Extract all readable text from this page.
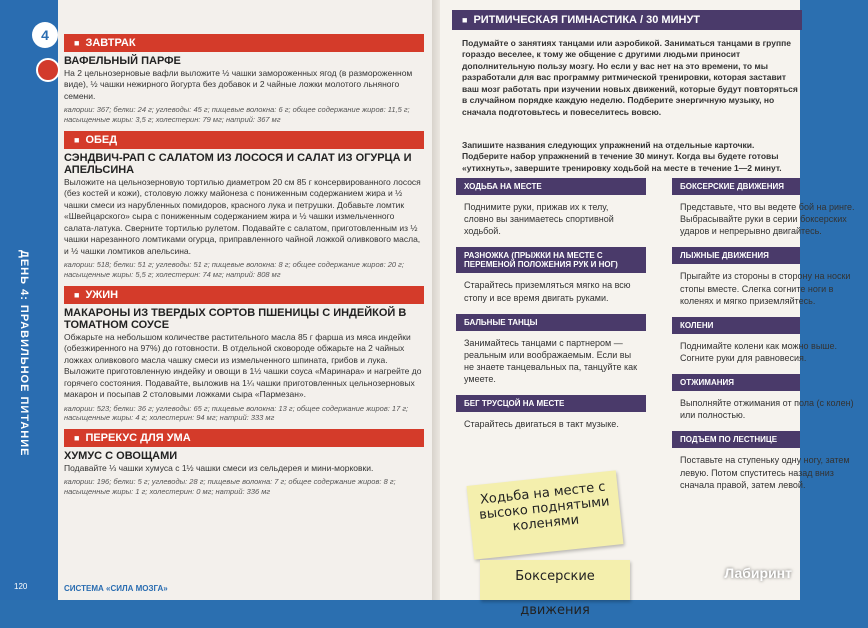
4
ДЕНЬ 4: ПРАВИЛЬНОЕ ПИТАНИЕ
■ ЗАВТРАК
ВАФЕЛЬНЫЙ ПАРФЕ
На 2 цельнозерновые вафли выложите ½ чашки замороженных ягод (в размороженном виде), ½ чашки нежирного йогурта без добавок и 2 чайные ложки молотого льняного семени.
калории: 367; белки: 24 г; углеводы: 45 г; пищевые волокна: 6 г; общее содержание жиров: 11,5 г; насыщенные жиры: 3,5 г; холестерин: 79 мг; натрий: 367 мг
■ ОБЕД
СЭНДВИЧ-РАП С САЛАТОМ ИЗ ЛОСОСЯ И САЛАТ ИЗ ОГУРЦА И АПЕЛЬСИНА
Выложите на цельнозерновую тортилью диаметром 20 см 85 г консервированного лосося (без костей и кожи), столовую ложку майонеза с пониженным содержанием жира и ½ чашки смеси из нарубленных помидоров, красного лука и петрушки. Добавьте ломтик «Швейцарского» сыра с пониженным содержанием жира и ½ чашки измельченного салата-латука. Сверните тортилью рулетом. Подавайте с салатом, приготовленным из ½ чашки нарезанного ломтиками огурца, приправленного чайной ложкой оливкового масла, и ½ чашки ломтиков апельсина.
калории: 518; белки: 51 г; углеводы: 51 г; пищевые волокна: 8 г; общее содержание жиров: 20 г; насыщенные жиры: 5,5 г; холестерин: 74 мг; натрий: 808 мг
■ УЖИН
МАКАРОНЫ ИЗ ТВЕРДЫХ СОРТОВ ПШЕНИЦЫ С ИНДЕЙКОЙ В ТОМАТНОМ СОУСЕ
Обжарьте на небольшом количестве растительного масла 85 г фарша из мяса индейки (обезжиренного на 97%) до готовности. В отдельной сковороде обжарьте на 2 чайных ложках оливкового масла чашку смеси из измельченного шпината, грибов и лука. Выложите приготовленную индейку и овощи в 1½ чашки соуса «Маринара» и нагрейте до горячего состояния. Подавайте, выложив на 1¼ чашки приготовленных цельнозерновых макарон и посыпав 2 столовыми ложками сыра «Пармезан».
калории: 523; белки: 36 г; углеводы: 65 г; пищевые волокна: 13 г; общее содержание жиров: 17 г; насыщенные жиры: 4 г; холестерин: 94 мг; натрий: 333 мг
■ ПЕРЕКУС ДЛЯ УМА
ХУМУС С ОВОЩАМИ
Подавайте ⅓ чашки хумуса с 1½ чашки смеси из сельдерея и мини-морковки.
калории: 196; белки: 5 г; углеводы: 28 г; пищевые волокна: 7 г; общее содержание жиров: 8 г; насыщенные жиры: 1 г; холестерин: 0 мг; натрий: 336 мг
120	СИСТЕМА «СИЛА МОЗГА»
■ РИТМИЧЕСКАЯ ГИМНАСТИКА / 30 МИНУТ
Подумайте о занятиях танцами или аэробикой. Заниматься танцами в группе гораздо веселее, к тому же общение с другими людьми приносит дополнительную пользу мозгу. Но если у вас нет на это времени, то мы разработали для вас программу ритмической тренировки, которая заставит ваш мозг работать при изучении новых движений, которые будут повторяться в случайном порядке каждую неделю. Подберите энергичную музыку, но сначала подготовьтесь и повеселитесь вовсю.
Запишите названия следующих упражнений на отдельные карточки. Подберите набор упражнений в течение 30 минут. Когда вы будете готовы «утихнуть», завершите тренировку ходьбой на месте в течение 1—2 минут.
ХОДЬБА НА МЕСТЕ
Поднимите руки, прижав их к телу, словно вы занимаетесь спортивной ходьбой.
РАЗНОЖКА (ПРЫЖКИ НА МЕСТЕ С ПЕРЕМЕНОЙ ПОЛОЖЕНИЯ РУК И НОГ)
Старайтесь приземляться мягко на всю стопу и все время двигать руками.
БАЛЬНЫЕ ТАНЦЫ
Занимайтесь танцами с партнером — реальным или воображаемым. Если вы не знаете танцевальных па, танцуйте как умеете.
БЕГ ТРУСЦОЙ НА МЕСТЕ
Старайтесь двигаться в такт музыке.
БОКСЕРСКИЕ ДВИЖЕНИЯ
Представьте, что вы ведете бой на ринге. Выбрасывайте руки в серии боксерских ударов и непрерывно двигайтесь.
ЛЫЖНЫЕ ДВИЖЕНИЯ
Прыгайте из стороны в сторону на носки стопы вместе. Слегка согните ноги в коленях и мягко приземляйтесь.
КОЛЕНИ
Поднимайте колени как можно выше. Согните руки для равновесия.
ОТЖИМАНИЯ
Выполняйте отжимания от пола (с колен) или полностью.
ПОДЪЕМ ПО ЛЕСТНИЦЕ
Поставьте на ступеньку одну ногу, затем левую. Потом спуститесь назад вниз сначала правой, затем левой.
Ходьба на месте с высоко поднятыми коленями
Боксерские движения
Лабиринт
